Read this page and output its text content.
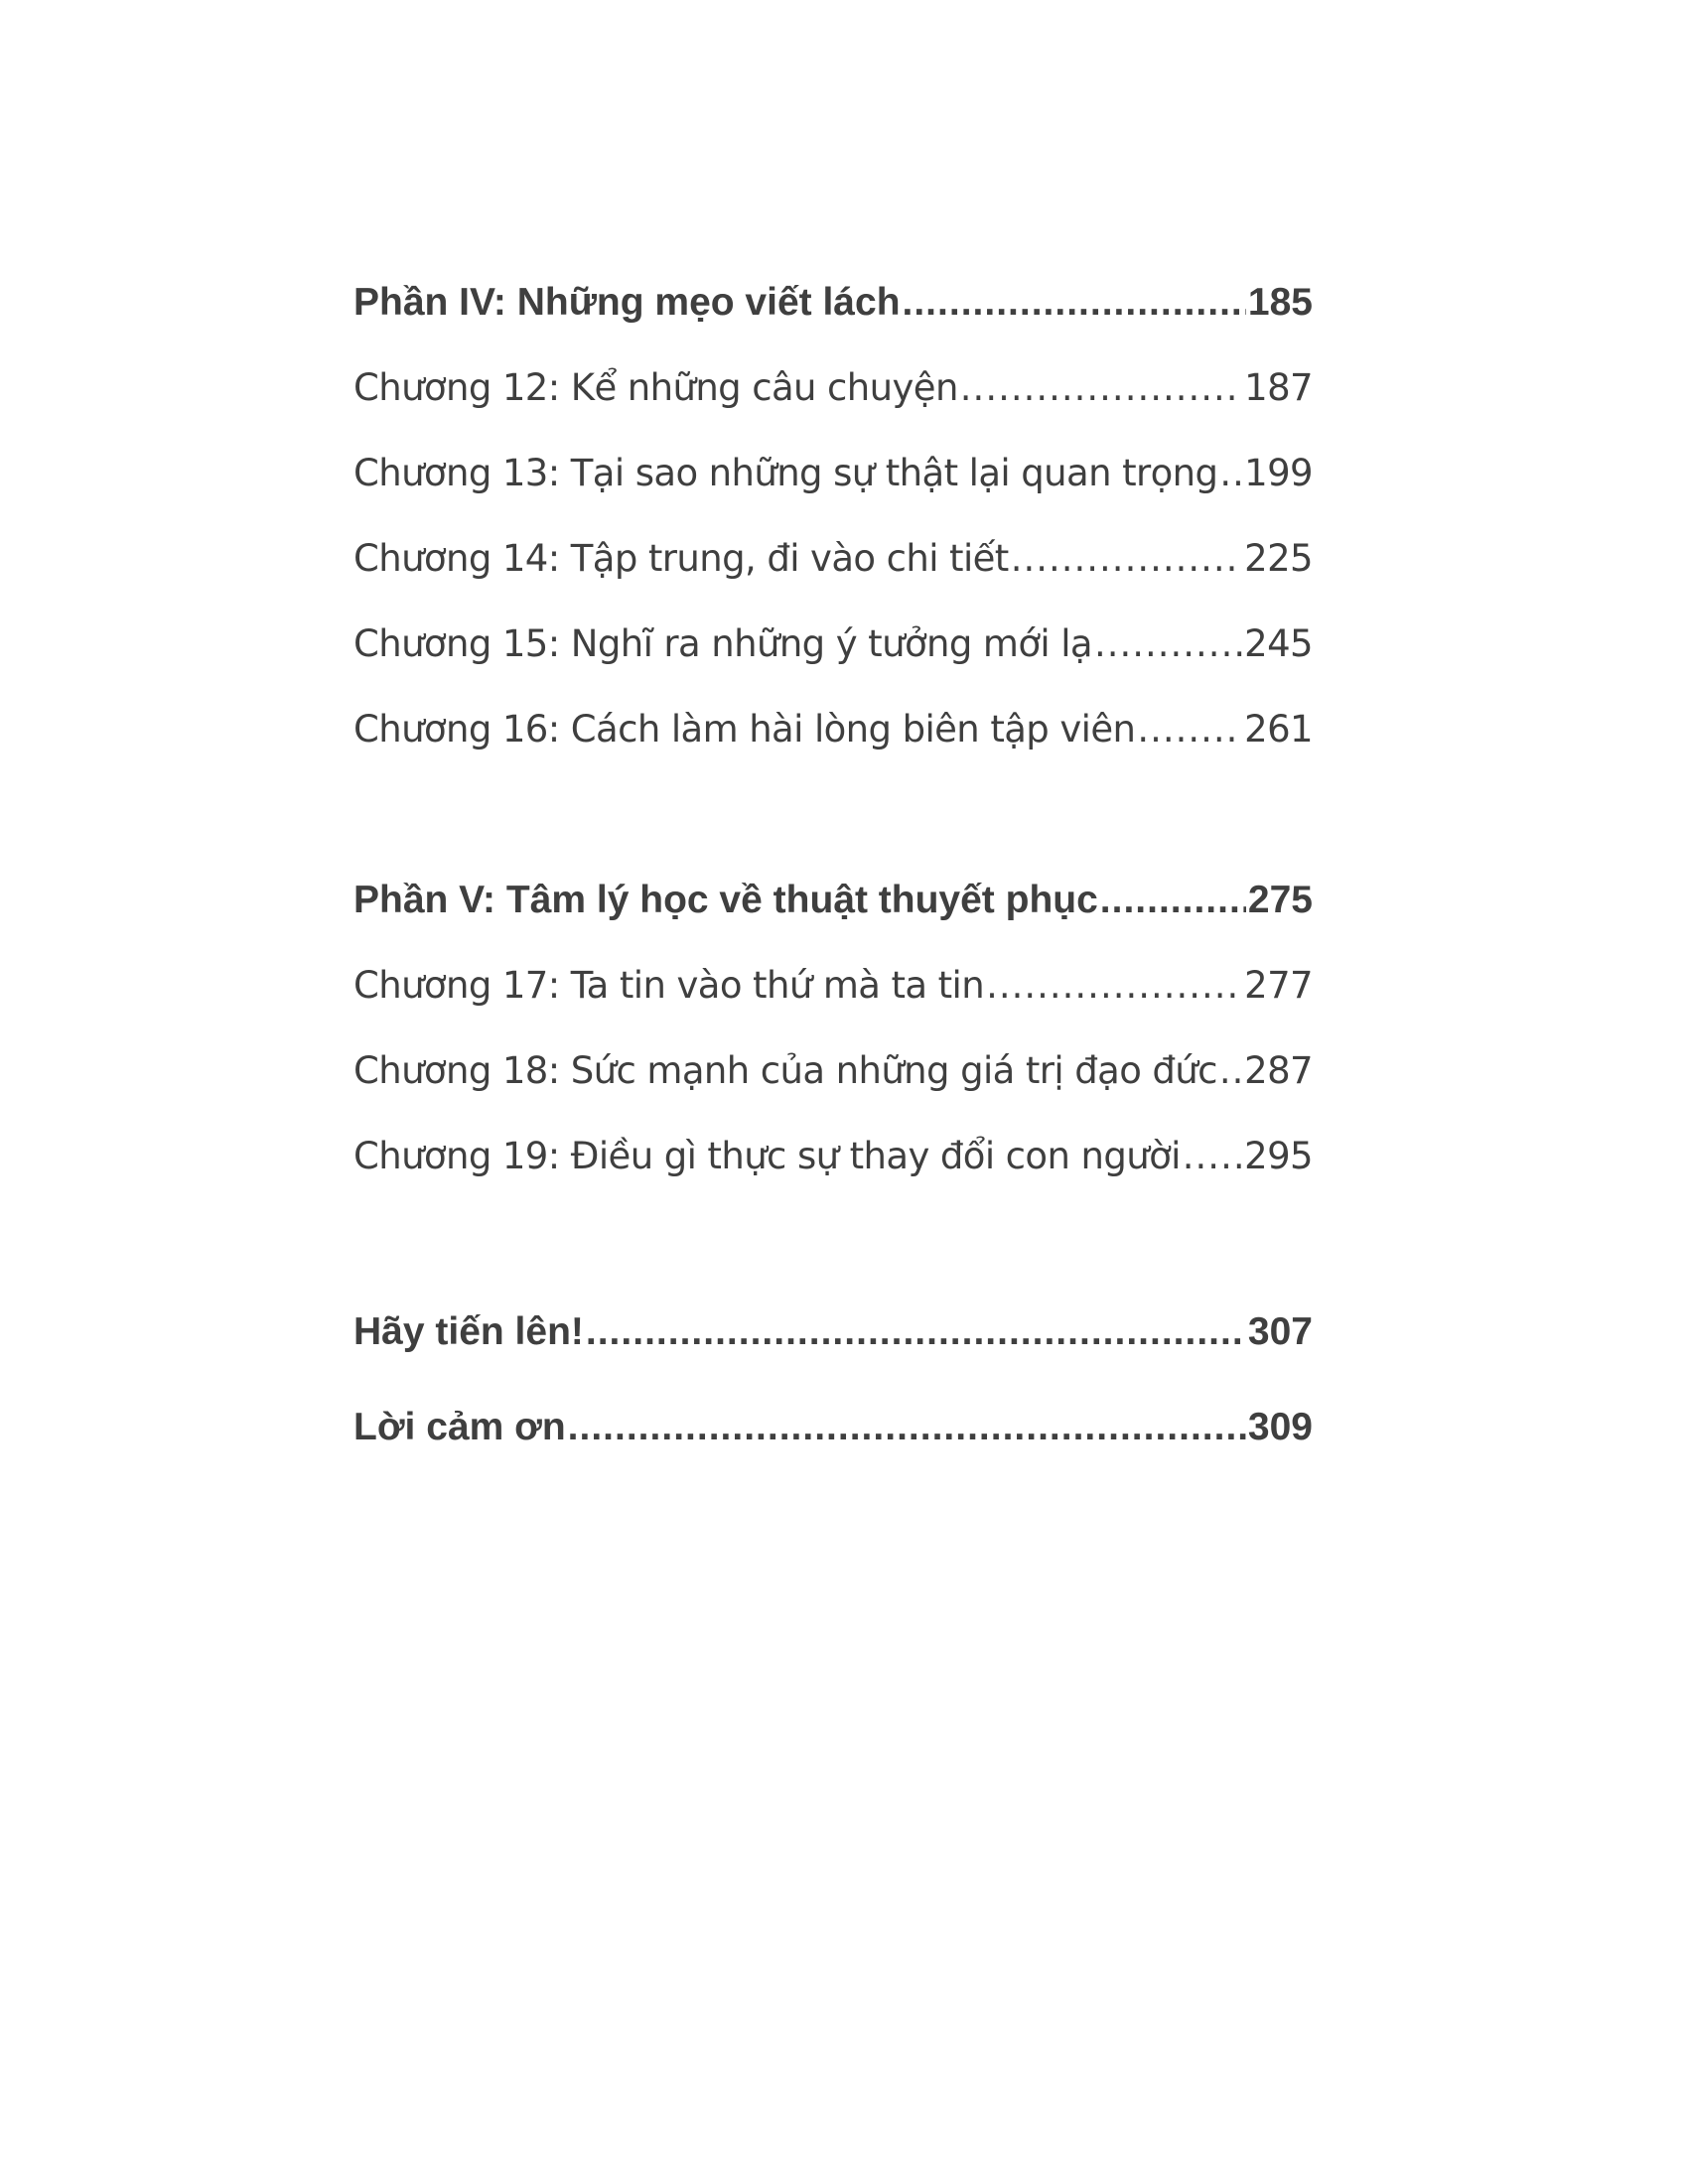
Phần IV: Những mẹo viết lách .....	185
Chương 12: Kể những câu chuyện .....	187
Chương 13: Tại sao những sự thật lại quan trọng ..... 199
Chương 14: Tập trung, đi vào chi tiết .....	225
Chương 15: Nghĩ ra những ý tưởng mới lạ .....	245
Chương 16: Cách làm hài lòng biên tập viên .....	261
Phần V: Tâm lý học về thuật thuyết phục .....	275
Chương 17: Ta tin vào thứ mà ta tin .....	277
Chương 18: Sức mạnh của những giá trị đạo đức ..... 287
Chương 19: Điều gì thực sự thay đổi con người ..... 295
Hãy tiến lên! .....	307
Lời cảm ơn .....	309
